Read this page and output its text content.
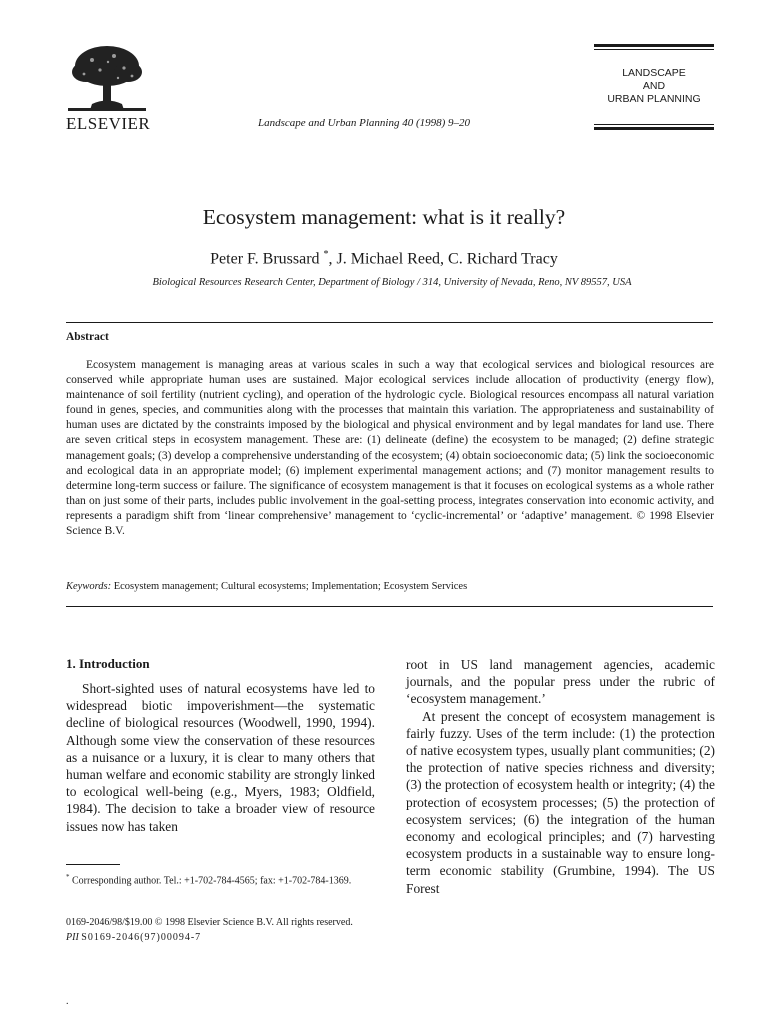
ELSEVIER	Landscape and Urban Planning 40 (1998) 9–20
LANDSCAPE
AND
URBAN PLANNING
Ecosystem management: what is it really?
Peter F. Brussard *, J. Michael Reed, C. Richard Tracy
Biological Resources Research Center, Department of Biology / 314, University of Nevada, Reno, NV 89557, USA
Abstract

Ecosystem management is managing areas at various scales in such a way that ecological services and biological resources are conserved while appropriate human uses are sustained. Major ecological services include allocation of productivity (energy flow), maintenance of soil fertility (nutrient cycling), and operation of the hydrologic cycle. Biological resources encompass all natural variation found in genes, species, and communities along with the processes that maintain this variation. The appropriateness and sustainability of human uses are dictated by the constraints imposed by the biological and physical environment and by legal mandates for land use. There are seven critical steps in ecosystem management. These are: (1) delineate (define) the ecosystem to be managed; (2) define strategic management goals; (3) develop a comprehensive understanding of the ecosystem; (4) obtain socioeconomic data; (5) link the socioeconomic and ecological data in an appropriate model; (6) implement experimental management actions; and (7) monitor management results to determine long-term success or failure. The significance of ecosystem management is that it focuses on ecological systems as a whole rather than on just some of their parts, includes public involvement in the goal-setting process, integrates conservation into economic activity, and represents a paradigm shift from ‘linear comprehensive’ management to ‘cyclic-incremental’ or ‘adaptive’ management. © 1998 Elsevier Science B.V.

Keywords: Ecosystem management; Cultural ecosystems; Implementation; Ecosystem Services
1. Introduction

Short-sighted uses of natural ecosystems have led to widespread biotic impoverishment—the systematic decline of biological resources (Woodwell, 1990, 1994). Although some view the conservation of these resources as a nuisance or a luxury, it is clear to many others that human welfare and economic stability are strongly linked to ecological well-being (e.g., Myers, 1983; Oldfield, 1984). The decision to take a broader view of resource issues now has taken

root in US land management agencies, academic journals, and the popular press under the rubric of ‘ecosystem management.’

At present the concept of ecosystem management is fairly fuzzy. Uses of the term include: (1) the protection of native ecosystem types, usually plant communities; (2) the protection of native species richness and diversity; (3) the protection of ecosystem health or integrity; (4) the protection of ecosystem processes; (5) the protection of ecosystem services; (6) the integration of the human economy and ecological principles; and (7) harvesting ecosystem products in a sustainable way to ensure long-term economic stability (Grumbine, 1994). The US Forest

* Corresponding author. Tel.: +1-702-784-4565; fax: +1-702-784-1369.
0169-2046/98/$19.00 © 1998 Elsevier Science B.V. All rights reserved.
PII S0169-2046(97)00094-7
.
